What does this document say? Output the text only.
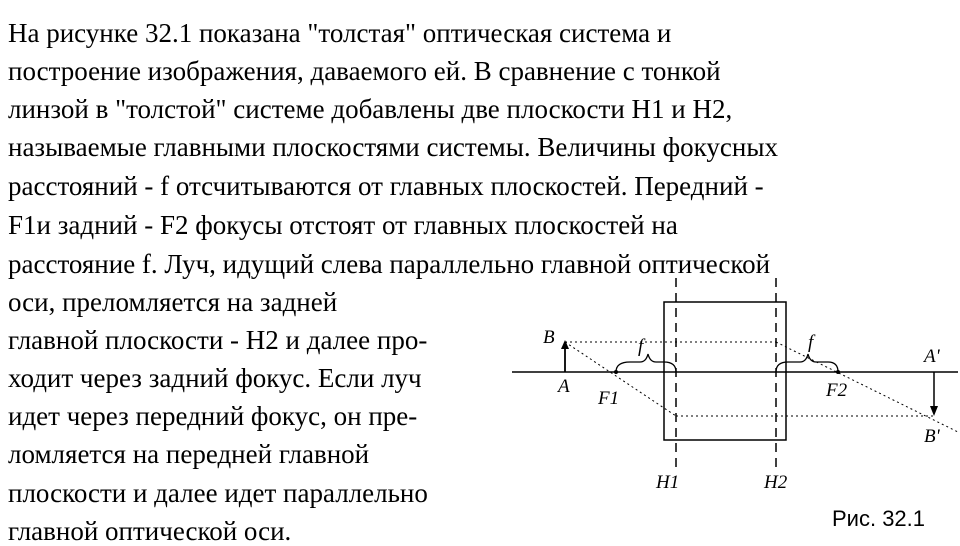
На рисунке 32.1 показана "толстая" оптическая система и

построение изображения, даваемого ей. В сравнение с тонкой

линзой в "толстой" системе добавлены две плоскости Н1 и Н2,

называемые главными плоскостями системы. Величины фокусных

расстояний - f отсчитываются от главных плоскостей. Передний -

F1и задний - F2 фокусы отстоят от главных плоскостей на

расстояние f. Луч, идущий слева параллельно главной оптической

оси, преломляется на задней

главной плоскости - Н2 и далее про-

ходит через задний фокус. Если луч

идет через передний фокус, он пре-

ломляется на передней главной

плоскости и далее идет параллельно

главной оптической оси.

B
A
F1
f	f
F2
A'
B'
H1	H2
Рис. 32.1
